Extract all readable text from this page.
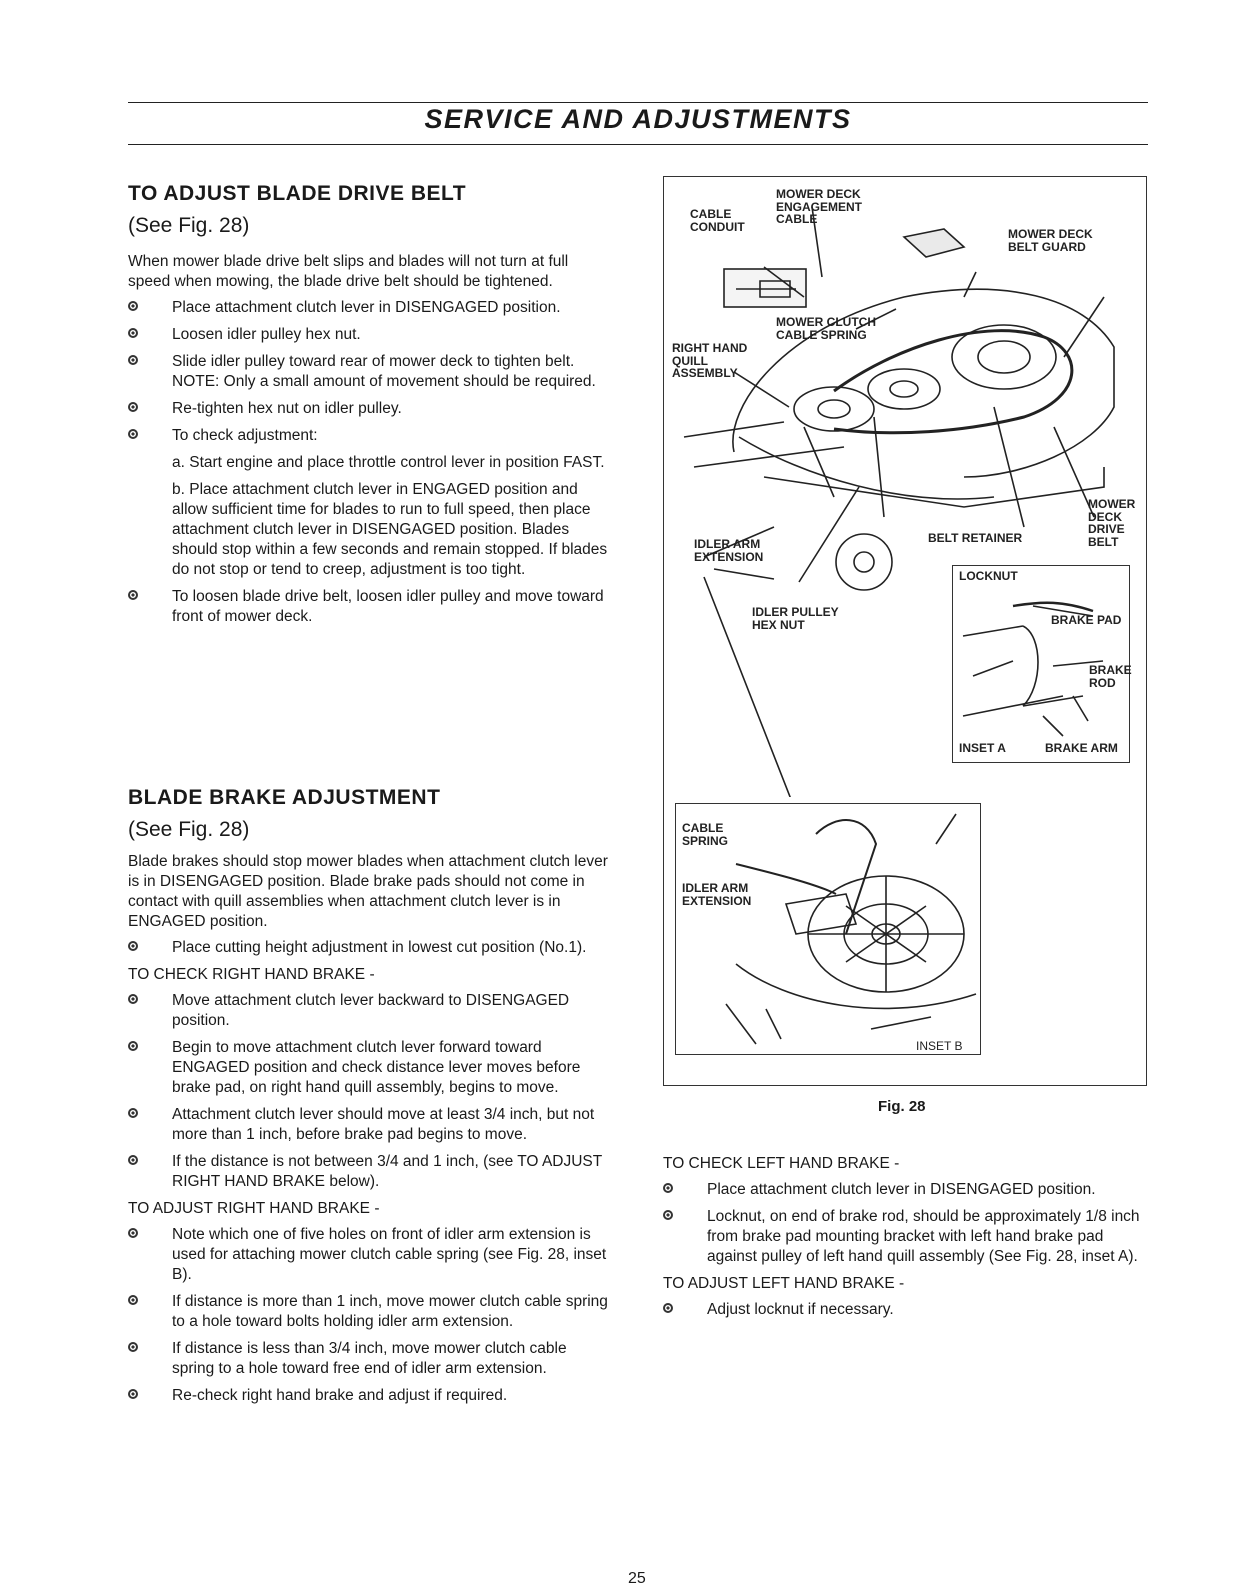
SERVICE AND ADJUSTMENTS
TO ADJUST BLADE DRIVE BELT
(See Fig. 28)

When mower blade drive belt slips and blades will not turn at full speed when mowing, the blade drive belt should be tightened.

Place attachment clutch lever in DISENGAGED position.
Loosen idler pulley hex nut.
Slide idler pulley toward rear of mower deck to tighten belt. NOTE: Only a small amount of movement should be required.
Re-tighten hex nut on idler pulley.
To check adjustment:
a. Start engine and place throttle control lever in position FAST.
b. Place attachment clutch lever in ENGAGED position and allow sufficient time for blades to run to full speed, then place attachment clutch lever in DISENGAGED position. Blades should stop within a few seconds and remain stopped. If blades do not stop or tend to creep, adjustment is too tight.
To loosen blade drive belt, loosen idler pulley and move toward front of mower deck.
BLADE BRAKE ADJUSTMENT
(See Fig. 28)

Blade brakes should stop mower blades when attachment clutch lever is in DISENGAGED position. Blade brake pads should not come in contact with quill assemblies when attachment clutch lever is in ENGAGED position.

Place cutting height adjustment in lowest cut position (No.1).
TO CHECK RIGHT HAND BRAKE -
Move attachment clutch lever backward to DISENGAGED position.
Begin to move attachment clutch lever forward toward ENGAGED position and check distance lever moves before brake pad, on right hand quill assembly, begins to move.
Attachment clutch lever should move at least 3/4 inch, but not more than 1 inch, before brake pad begins to move.
If the distance is not between 3/4 and 1 inch, (see TO ADJUST RIGHT HAND BRAKE below).
TO ADJUST RIGHT HAND BRAKE -
Note which one of five holes on front of idler arm extension is used for attaching mower clutch cable spring (see Fig. 28, inset B).
If distance is more than 1 inch, move mower clutch cable spring to a hole toward bolts holding idler arm extension.
If distance is less than 3/4 inch, move mower clutch cable spring to a hole toward free end of idler arm extension.
Re-check right hand brake and adjust if required.
CABLE
CONDUIT
MOWER DECK
ENGAGEMENT
CABLE
MOWER DECK
BELT GUARD
MOWER CLUTCH
CABLE SPRING
RIGHT HAND
QUILL
ASSEMBLY
IDLER ARM
EXTENSION
BELT RETAINER
MOWER
DECK
DRIVE
BELT
IDLER PULLEY
HEX NUT
LOCKNUT
BRAKE PAD
BRAKE
ROD
INSET A	BRAKE ARM
CABLE
SPRING
IDLER ARM
EXTENSION
INSET B
Fig. 28
TO CHECK LEFT HAND BRAKE -
Place attachment clutch lever in DISENGAGED position.
Locknut, on end of brake rod, should be approximately 1/8 inch from brake pad mounting bracket with left hand brake pad against pulley of left hand quill assembly (See Fig. 28, inset A).
TO ADJUST LEFT HAND BRAKE -
Adjust locknut if necessary.
25
